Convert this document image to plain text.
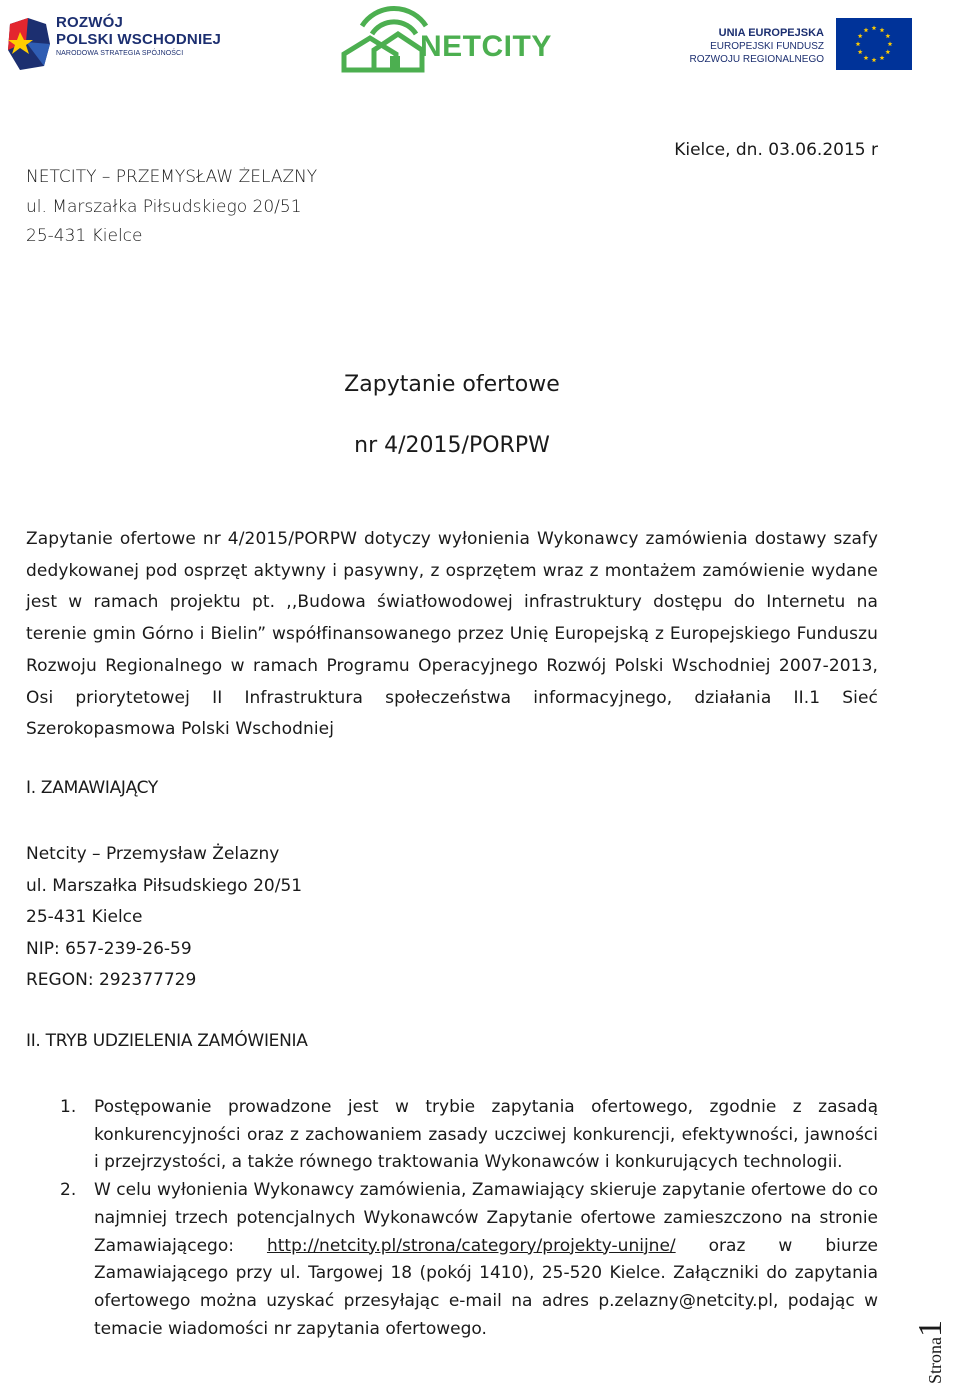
ROZWÓJ
POLSKI WSCHODNIEJ
NARODOWA STRATEGIA SPÓJNOŚCI	NETCITY	UNIA EUROPEJSKA
EUROPEJSKI FUNDUSZ
ROZWOJU REGIONALNEGO
NETCITY – PRZEMYSŁAW ŻELAZNY
ul. Marszałka Piłsudskiego 20/51
25-431 Kielce
Kielce, dn. 03.06.2015 r
Zapytanie ofertowe
nr 4/2015/PORPW
Zapytanie ofertowe nr 4/2015/PORPW dotyczy wyłonienia Wykonawcy zamówienia dostawy szafy dedykowanej pod osprzęt aktywny i pasywny, z osprzętem wraz z montażem zamówienie wydane jest w ramach projektu pt. ,,Budowa światłowodowej infrastruktury dostępu do Internetu na terenie gmin Górno i Bielin” współfinansowanego przez Unię Europejską z Europejskiego Funduszu Rozwoju Regionalnego w ramach Programu Operacyjnego Rozwój Polski Wschodniej 2007-2013, Osi priorytetowej II Infrastruktura społeczeństwa informacyjnego, działania II.1 Sieć Szerokopasmowa Polski Wschodniej
I. ZAMAWIAJĄCY
Netcity – Przemysław Żelazny
ul. Marszałka Piłsudskiego 20/51
25-431 Kielce
NIP: 657-239-26-59
REGON: 292377729
II. TRYB UDZIELENIA ZAMÓWIENIA
1. Postępowanie prowadzone jest w trybie zapytania ofertowego, zgodnie z zasadą konkurencyjności oraz z zachowaniem zasady uczciwej konkurencji, efektywności, jawności i przejrzystości, a także równego traktowania Wykonawców i konkurujących technologii.
2. W celu wyłonienia Wykonawcy zamówienia, Zamawiający skieruje zapytanie ofertowe do co najmniej trzech potencjalnych Wykonawców Zapytanie ofertowe zamieszczono na stronie Zamawiającego: http://netcity.pl/strona/category/projekty-unijne/ oraz w biurze Zamawiającego przy ul. Targowej 18 (pokój 1410), 25-520 Kielce. Załączniki do zapytania ofertowego można uzyskać przesyłając e-mail na adres p.zelazny@netcity.pl, podając w temacie wiadomości nr zapytania ofertowego.
Strona1
